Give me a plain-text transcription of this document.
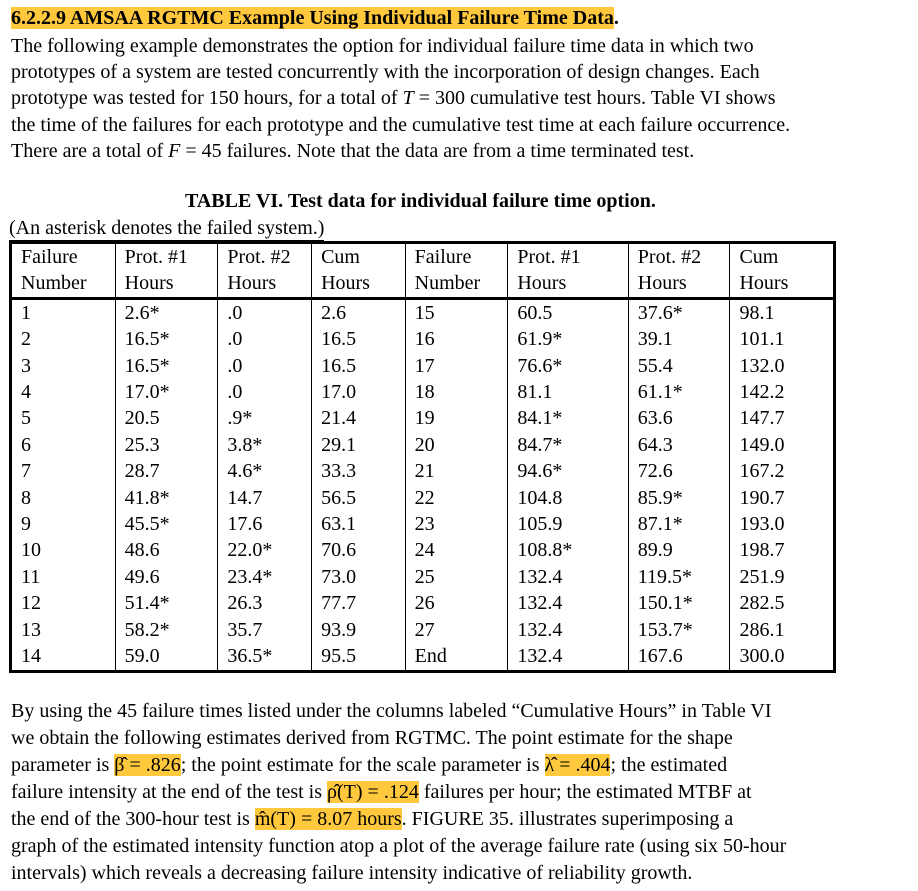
6.2.2.9 AMSAA RGTMC Example Using Individual Failure Time Data.
The following example demonstrates the option for individual failure time data in which two
prototypes of a system are tested concurrently with the incorporation of design changes. Each
prototype was tested for 150 hours, for a total of T = 300 cumulative test hours. Table VI shows
the time of the failures for each prototype and the cumulative test time at each failure occurrence.
There are a total of F = 45 failures. Note that the data are from a time terminated test.
TABLE VI. Test data for individual failure time option.
(An asterisk denotes the failed system.)
Failure	Prot. #1	Prot. #2	Cum	Failure	Prot. #1	Prot. #2	Cum
Number	Hours	Hours	Hours	Number	Hours	Hours	Hours
1	2.6*	.0	2.6	15	60.5	37.6*	98.1
2	16.5*	.0	16.5	16	61.9*	39.1	101.1
3	16.5*	.0	16.5	17	76.6*	55.4	132.0
4	17.0*	.0	17.0	18	81.1	61.1*	142.2
5	20.5	.9*	21.4	19	84.1*	63.6	147.7
6	25.3	3.8*	29.1	20	84.7*	64.3	149.0
7	28.7	4.6*	33.3	21	94.6*	72.6	167.2
8	41.8*	14.7	56.5	22	104.8	85.9*	190.7
9	45.5*	17.6	63.1	23	105.9	87.1*	193.0
10	48.6	22.0*	70.6	24	108.8*	89.9	198.7
11	49.6	23.4*	73.0	25	132.4	119.5*	251.9
12	51.4*	26.3	77.7	26	132.4	150.1*	282.5
13	58.2*	35.7	93.9	27	132.4	153.7*	286.1
14	59.0	36.5*	95.5	End	132.4	167.6	300.0
By using the 45 failure times listed under the columns labeled “Cumulative Hours” in Table VI
we obtain the following estimates derived from RGTMC. The point estimate for the shape
parameter is β̂ = .826; the point estimate for the scale parameter is λ̂ = .404; the estimated
failure intensity at the end of the test is ρ̂(T) = .124 failures per hour; the estimated MTBF at
the end of the 300-hour test is m̂(T) = 8.07 hours. FIGURE 35. illustrates superimposing a
graph of the estimated intensity function atop a plot of the average failure rate (using six 50-hour
intervals) which reveals a decreasing failure intensity indicative of reliability growth.
